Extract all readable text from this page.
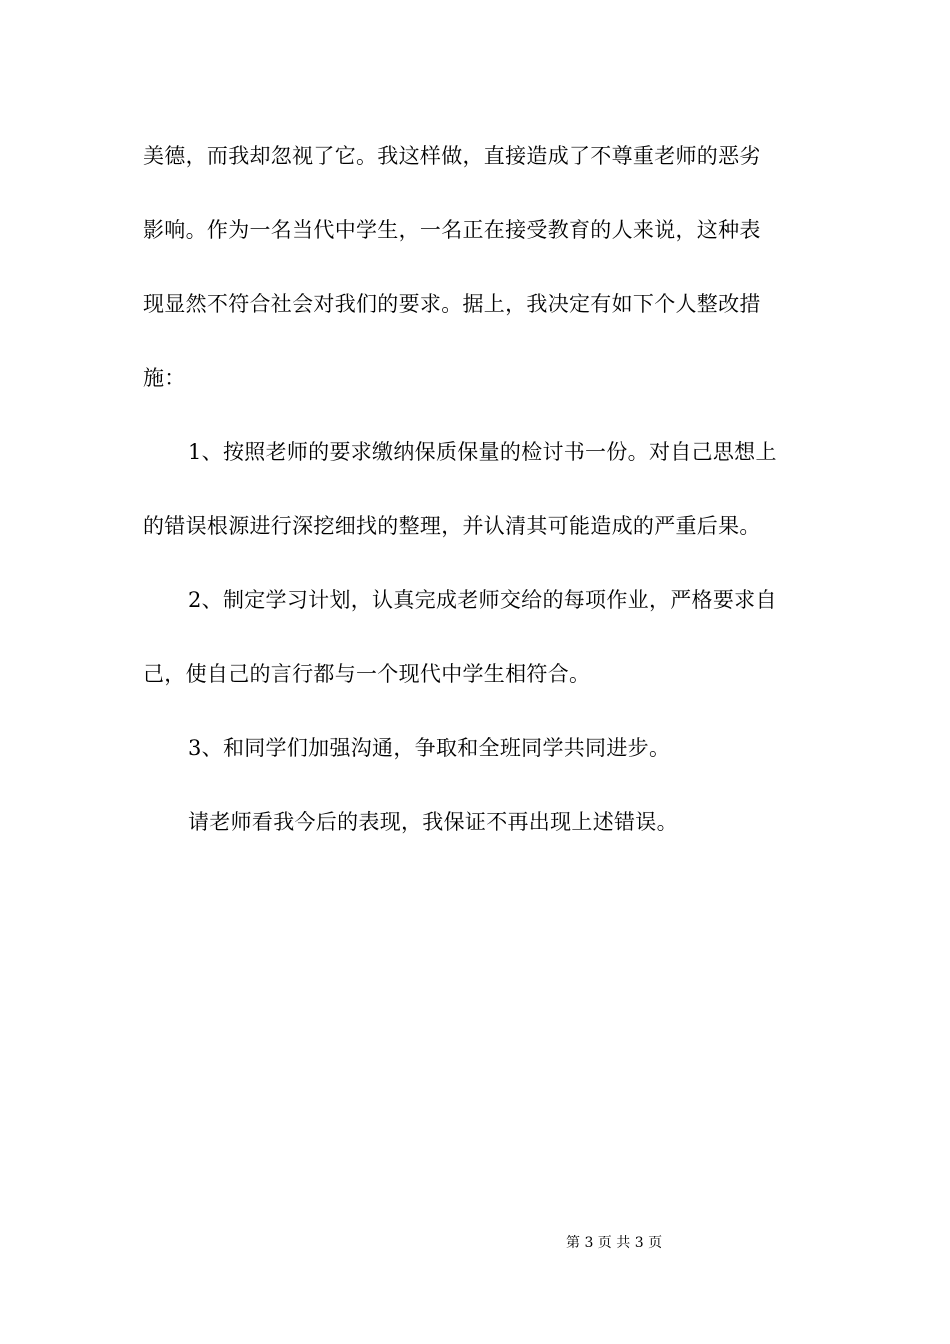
美德，而我却忽视了它。我这样做，直接造成了不尊重老师的恶劣
影响。作为一名当代中学生，一名正在接受教育的人来说，这种表
现显然不符合社会对我们的要求。据上，我决定有如下个人整改措
施：
1、按照老师的要求缴纳保质保量的检讨书一份。对自己思想上
的错误根源进行深挖细找的整理，并认清其可能造成的严重后果。
2、制定学习计划，认真完成老师交给的每项作业，严格要求自
己，使自己的言行都与一个现代中学生相符合。
3、和同学们加强沟通，争取和全班同学共同进步。
请老师看我今后的表现，我保证不再出现上述错误。
第 3 页 共 3 页
